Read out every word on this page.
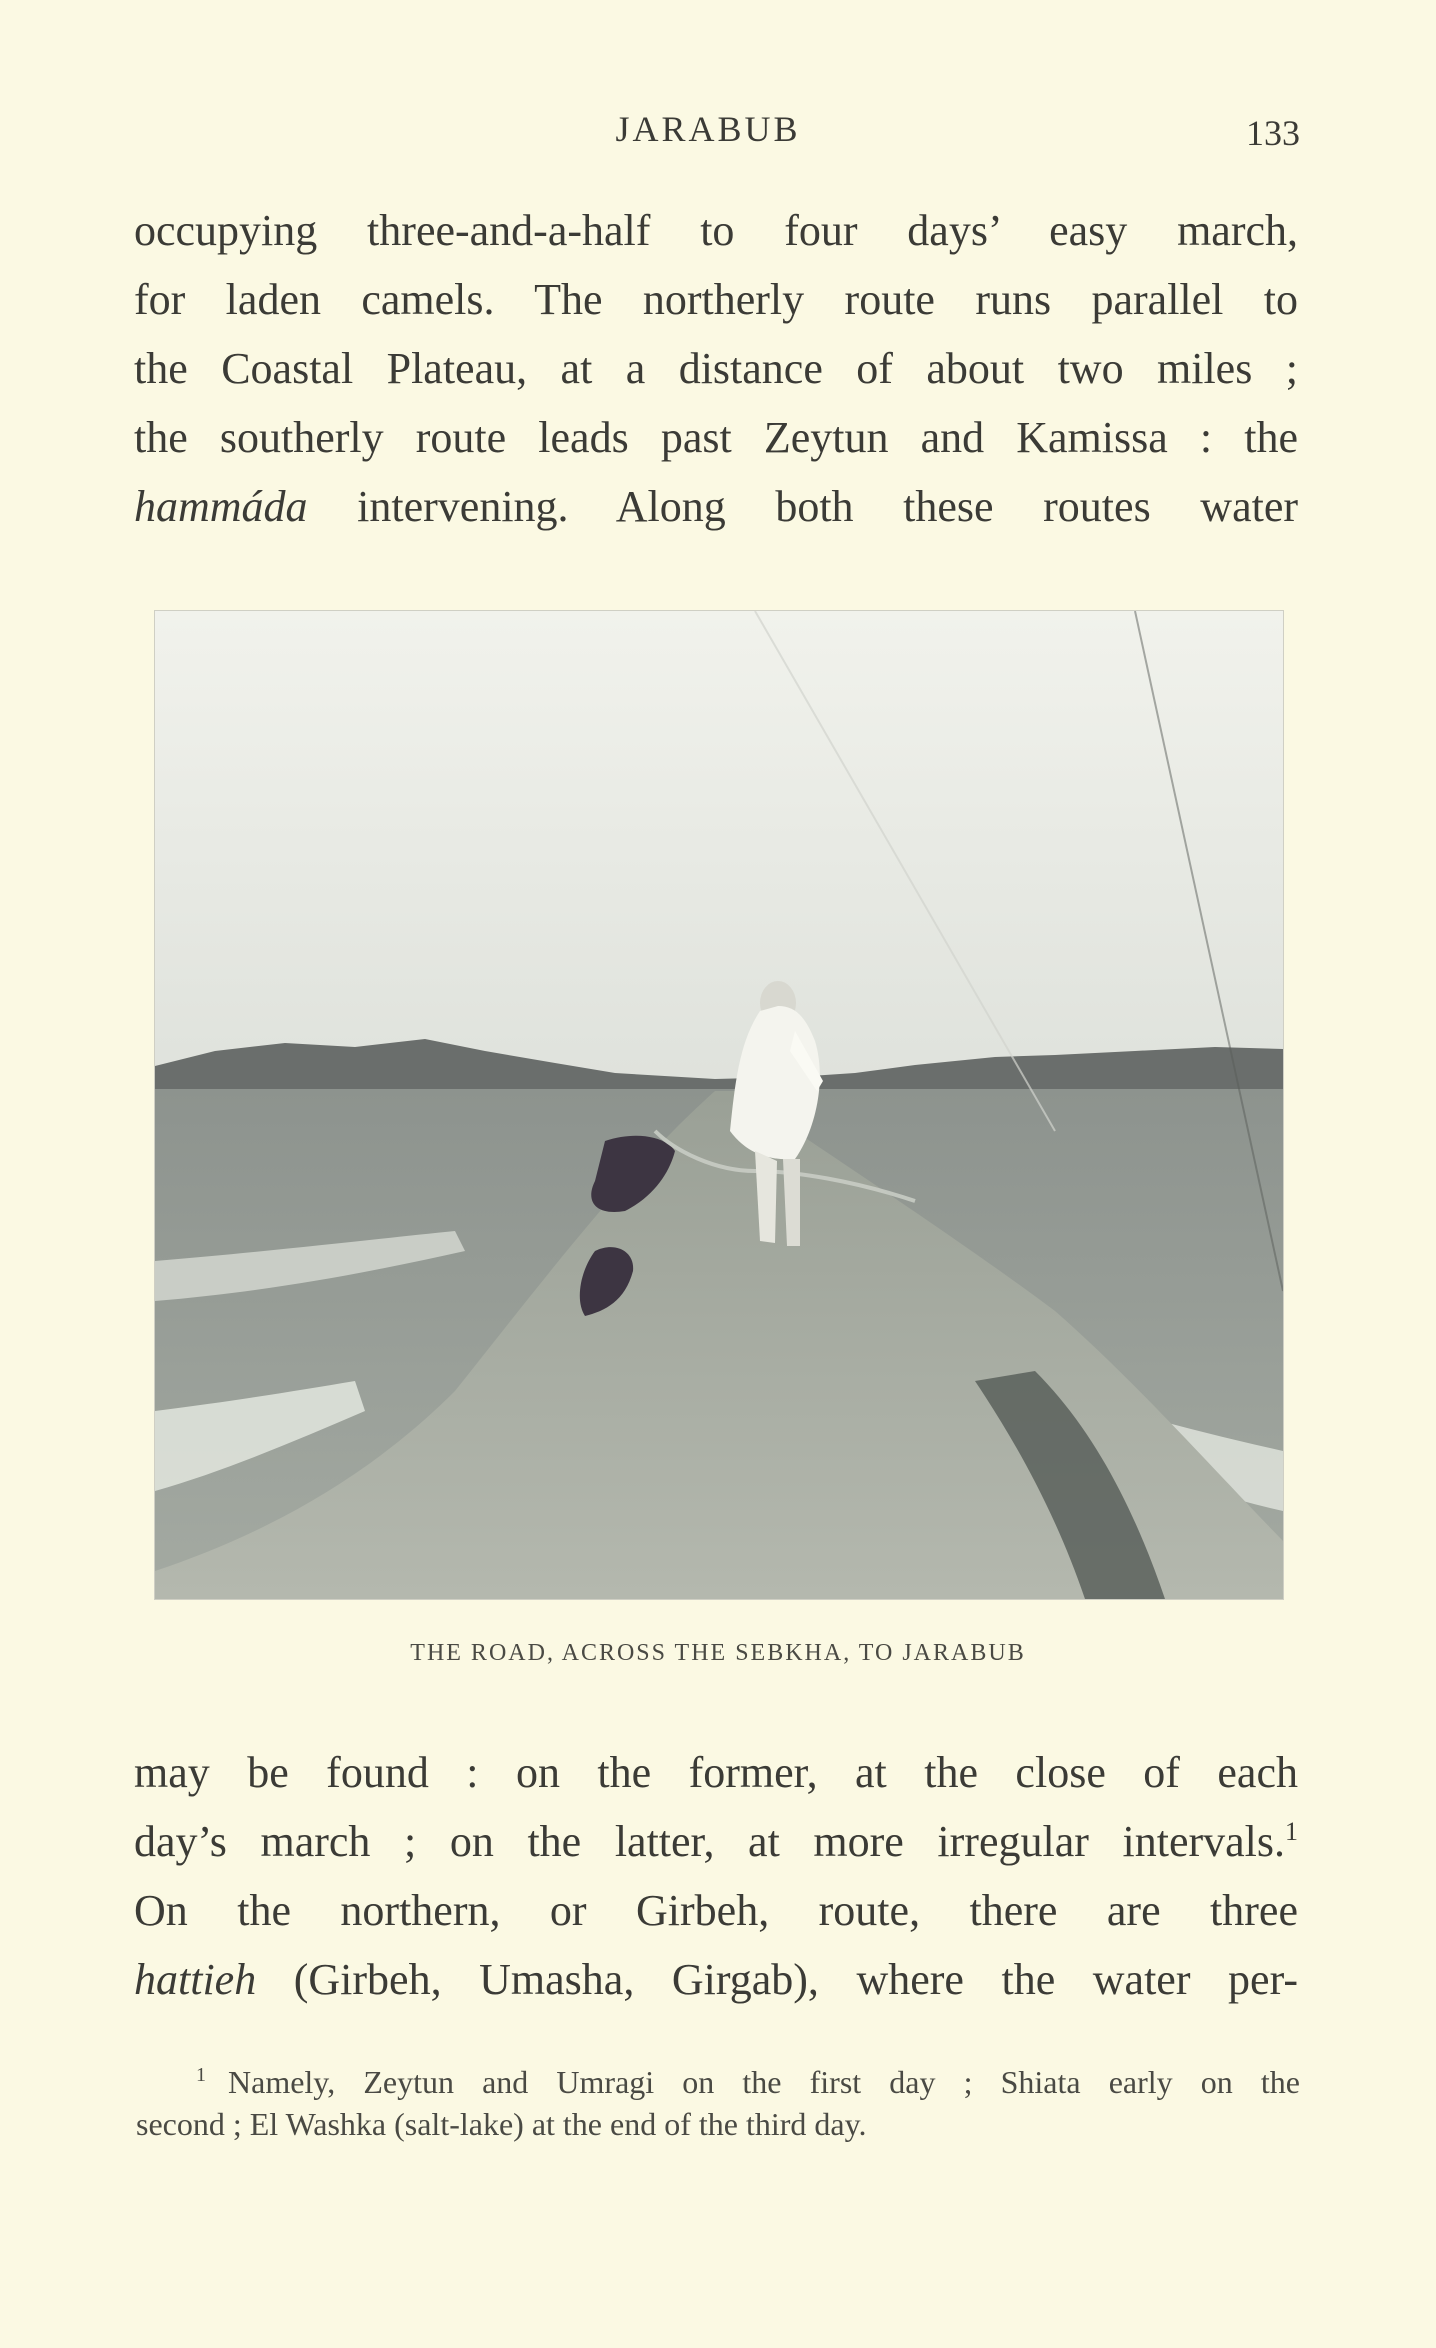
JARABUB	133
occupying three-and-a-half to four days’ easy march,
for laden camels. The northerly route runs parallel to
the Coastal Plateau, at a distance of about two miles ;
the southerly route leads past Zeytun and Kamissa : the
hammáda intervening. Along both these routes water
THE ROAD, ACROSS THE SEBKHA, TO JARABUB
may be found : on the former, at the close of each
day’s march ; on the latter, at more irregular intervals.$^1$
On the northern, or Girbeh, route, there are three
hattieh (Girbeh, Umasha, Girgab), where the water per-
$^1$ Namely, Zeytun and Umragi on the first day ; Shiata early on the
second ; El Washka (salt-lake) at the end of the third day.
